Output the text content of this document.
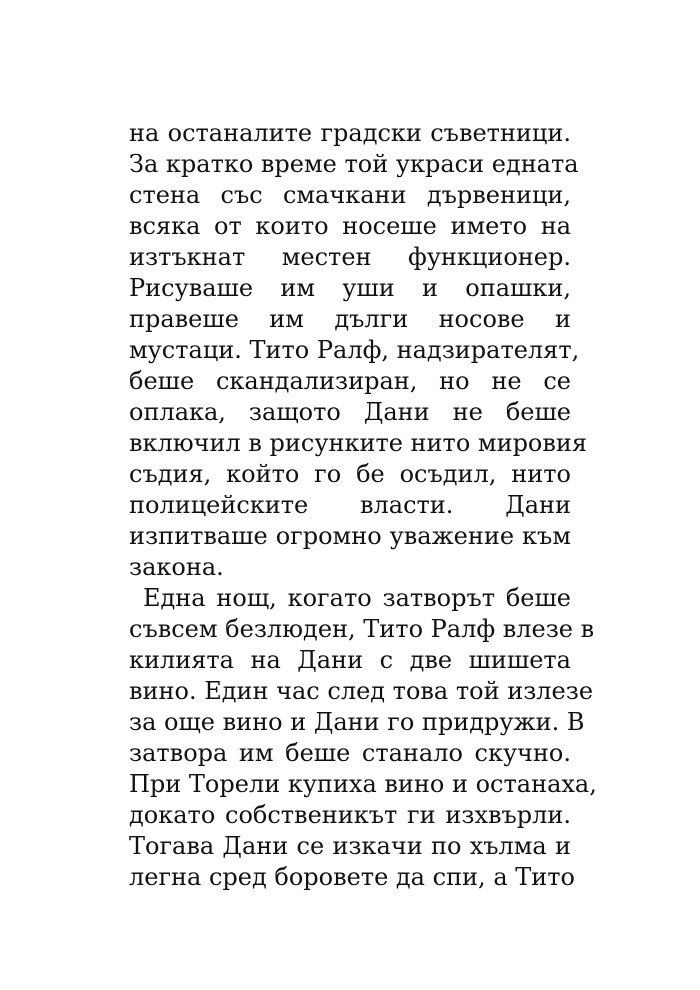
на останалите градски съветници.
За кратко време той украси едната
стена със смачкани дървеници,
всяка от които носеше името на
изтъкнат местен функционер.
Рисуваше им уши и опашки,
правеше им дълги носове и
мустаци. Тито Ралф, надзирателят,
беше скандализиран, но не се
оплака, защото Дани не беше
включил в рисунките нито мировия
съдия, който го бе осъдил, нито
полицейските власти. Дани
изпитваше огромно уважение към
закона.
Една нощ, когато затворът беше
съвсем безлюден, Тито Ралф влезе в
килията на Дани с две шишета
вино. Един час след това той излезе
за още вино и Дани го придружи. В
затвора им беше станало скучно.
При Торели купиха вино и останаха,
докато собственикът ги изхвърли.
Тогава Дани се изкачи по хълма и
легна сред боровете да спи, а Тито
